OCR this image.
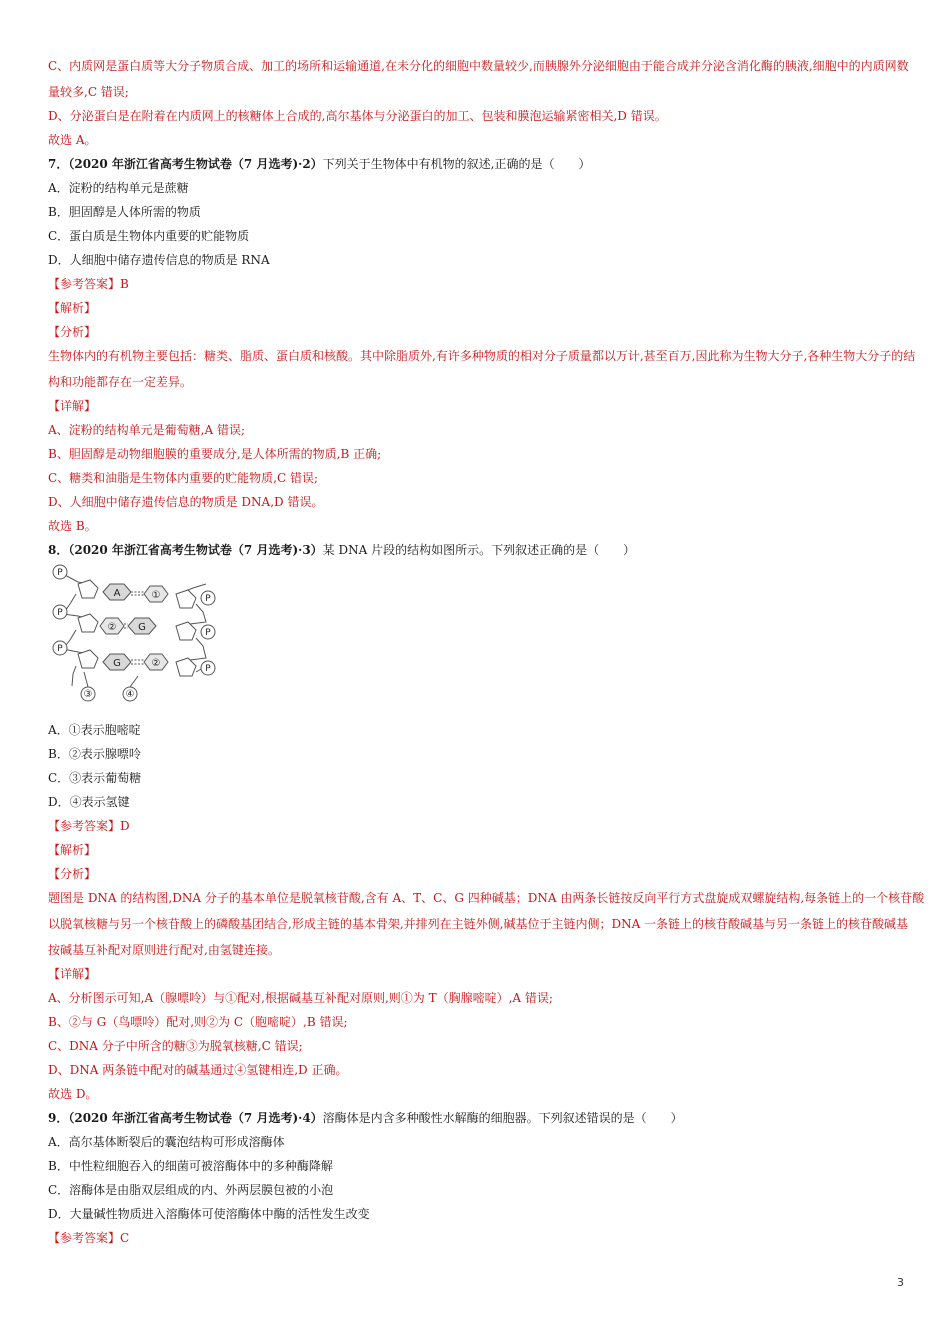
C、内质网是蛋白质等大分子物质合成、加工的场所和运输通道,在未分化的细胞中数量较少,而胰腺外分泌细胞由于能合成并分泌含消化酶的胰液,细胞中的内质网数

量较多,C 错误;

D、分泌蛋白是在附着在内质网上的核糖体上合成的,高尔基体与分泌蛋白的加工、包装和膜泡运输紧密相关,D 错误。

故选 A。

7．（2020 年浙江省高考生物试卷（7 月选考)·2）下列关于生物体中有机物的叙述,正确的是（　　）

A．淀粉的结构单元是蔗糖

B．胆固醇是人体所需的物质

C．蛋白质是生物体内重要的贮能物质

D．人细胞中储存遗传信息的物质是 RNA

【参考答案】B

【解析】

【分析】

生物体内的有机物主要包括：糖类、脂质、蛋白质和核酸。其中除脂质外,有许多种物质的相对分子质量都以万计,甚至百万,因此称为生物大分子,各种生物大分子的结

构和功能都存在一定差异。

【详解】

A、淀粉的结构单元是葡萄糖,A 错误;

B、胆固醇是动物细胞膜的重要成分,是人体所需的物质,B 正确;

C、糖类和油脂是生物体内重要的贮能物质,C 错误;

D、人细胞中储存遗传信息的物质是 DNA,D 错误。

故选 B。

8．（2020 年浙江省高考生物试卷（7 月选考)·3）某 DNA 片段的结构如图所示。下列叙述正确的是（　　）

A
G
G
①
②
②
P
P
P
P
P
P
③	④

A．①表示胞嘧啶

B．②表示腺嘌呤

C．③表示葡萄糖

D．④表示氢键

【参考答案】D

【解析】

【分析】

题图是 DNA 的结构图,DNA 分子的基本单位是脱氧核苷酸,含有 A、T、C、G 四种碱基；DNA 由两条长链按反向平行方式盘旋成双螺旋结构,每条链上的一个核苷酸

以脱氧核糖与另一个核苷酸上的磷酸基团结合,形成主链的基本骨架,并排列在主链外侧,碱基位于主链内侧；DNA 一条链上的核苷酸碱基与另一条链上的核苷酸碱基

按碱基互补配对原则进行配对,由氢键连接。

【详解】

A、分析图示可知,A（腺嘌呤）与①配对,根据碱基互补配对原则,则①为 T（胸腺嘧啶）,A 错误;

B、②与 G（鸟嘌呤）配对,则②为 C（胞嘧啶）,B 错误;

C、DNA 分子中所含的糖③为脱氧核糖,C 错误;

D、DNA 两条链中配对的碱基通过④氢键相连,D 正确。

故选 D。

9．（2020 年浙江省高考生物试卷（7 月选考)·4）溶酶体是内含多种酸性水解酶的细胞器。下列叙述错误的是（　　）

A．高尔基体断裂后的囊泡结构可形成溶酶体

B．中性粒细胞吞入的细菌可被溶酶体中的多种酶降解

C．溶酶体是由脂双层组成的内、外两层膜包被的小泡

D．大量碱性物质进入溶酶体可使溶酶体中酶的活性发生改变

【参考答案】C

3
